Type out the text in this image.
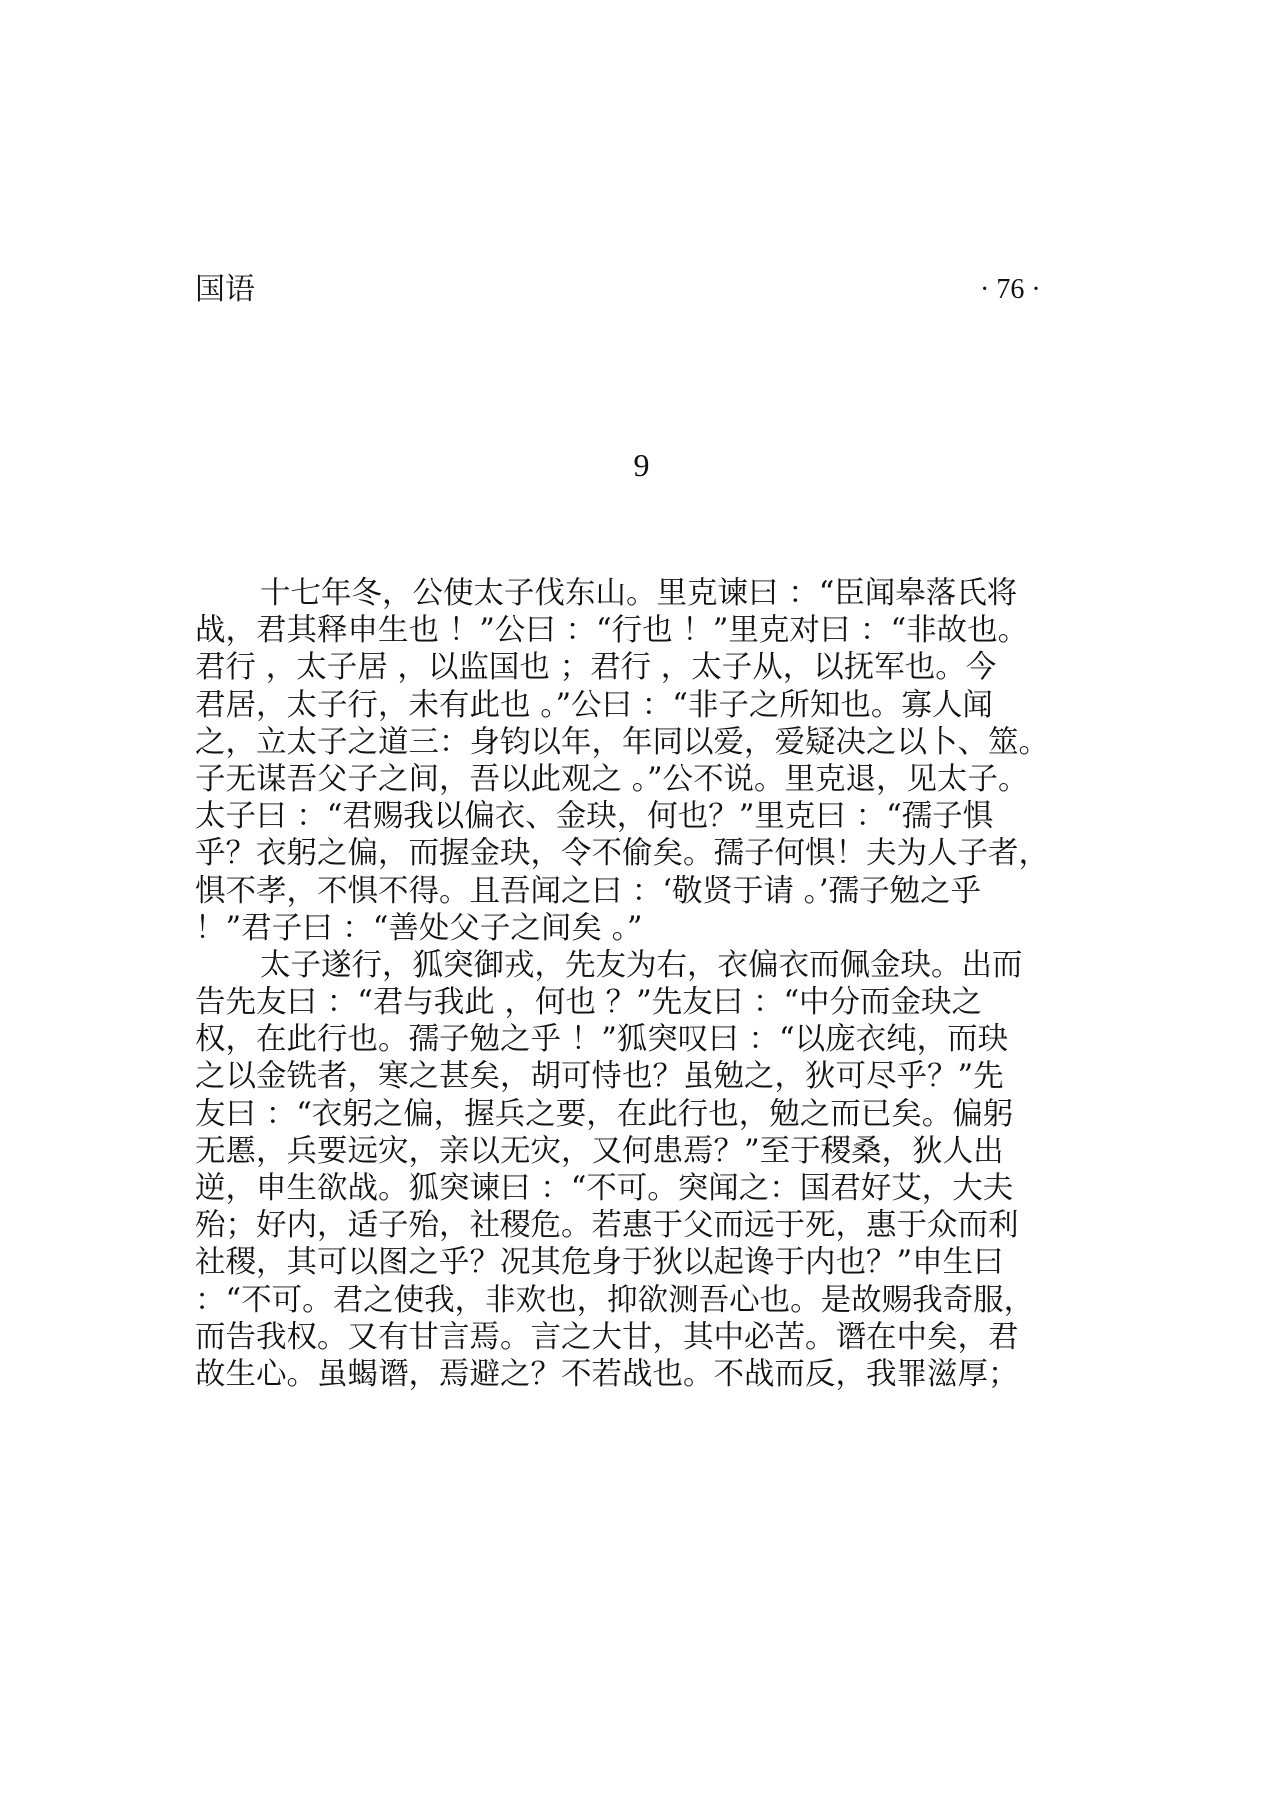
国语	· 76 ·
9
十七年冬，公使太子伐东山。里克谏曰 ：“臣闻皋落氏将
战，君其释申生也 ！”公曰 ：“行也 ！”里克对曰 ：“非故也。
君行 ，太子居 ，以监国也 ；君行 ，太子从，以抚军也。今
君居，太子行，未有此也 。”公曰 ：“非子之所知也。寡人闻
之，立太子之道三：身钧以年，年同以爱，爱疑决之以卜、筮。
子无谋吾父子之间，吾以此观之 。”公不说。里克退，见太子。
太子曰 ：“君赐我以偏衣、金玦，何也？”里克曰 ：“孺子惧
乎？衣躬之偏，而握金玦，令不偷矣。孺子何惧！夫为人子者，
惧不孝，不惧不得。且吾闻之曰 ：‘敬贤于请 。’孺子勉之乎
！”君子曰 ：“善处父子之间矣 。”
太子遂行，狐突御戎，先友为右，衣偏衣而佩金玦。出而
告先友曰 ：“君与我此 ，何也 ？”先友曰 ：“中分而金玦之
权，在此行也。孺子勉之乎 ！”狐突叹曰 ：“以庞衣纯，而玦
之以金铣者，寒之甚矣，胡可恃也？虽勉之，狄可尽乎？”先
友曰 ：“衣躬之偏，握兵之要，在此行也，勉之而已矣。偏躬
无慝，兵要远灾，亲以无灾，又何患焉？”至于稷桑，狄人出
逆，申生欲战。狐突谏曰 ：“不可。突闻之：国君好艾，大夫
殆；好内，适子殆，社稷危。若惠于父而远于死，惠于众而利
社稷，其可以图之乎？况其危身于狄以起谗于内也？”申生曰
：“不可。君之使我，非欢也，抑欲测吾心也。是故赐我奇服，
而告我权。又有甘言焉。言之大甘，其中必苦。谮在中矣，君
故生心。虽蝎谮，焉避之？不若战也。不战而反，我罪滋厚；
